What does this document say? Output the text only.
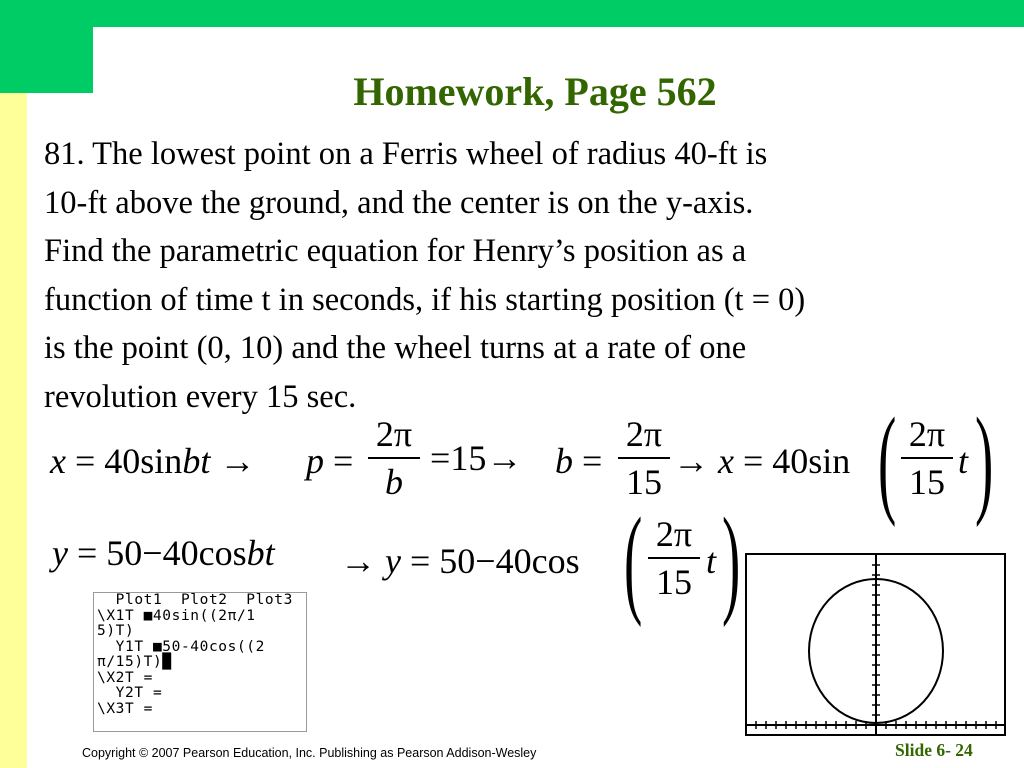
Homework, Page 562
81. The lowest point on a Ferris wheel of radius 40-ft is
10-ft above the ground, and the center is on the y-axis.
Find the parametric equation for Henry’s position as a
function of time t in seconds, if his starting position (t = 0)
is the point (0, 10) and the wheel turns at a rate of one
revolution every 15 sec.
x = 40sinbt → p =
2π
b
=15→ b =
2π
15
→ x = 40sin ( 2π
15
t )
y = 50−40cosbt → y = 50−40cos ( 2π
15
t )
Plot1  Plot2  Plot3
\X1T ■40sin((2π/1
5)T)
Y1T ■50-40cos((2
π/15)T)█
\X2T =
Y2T =
\X3T =
Copyright © 2007 Pearson Education, Inc. Publishing as Pearson Addison-Wesley	Slide 6- 24
